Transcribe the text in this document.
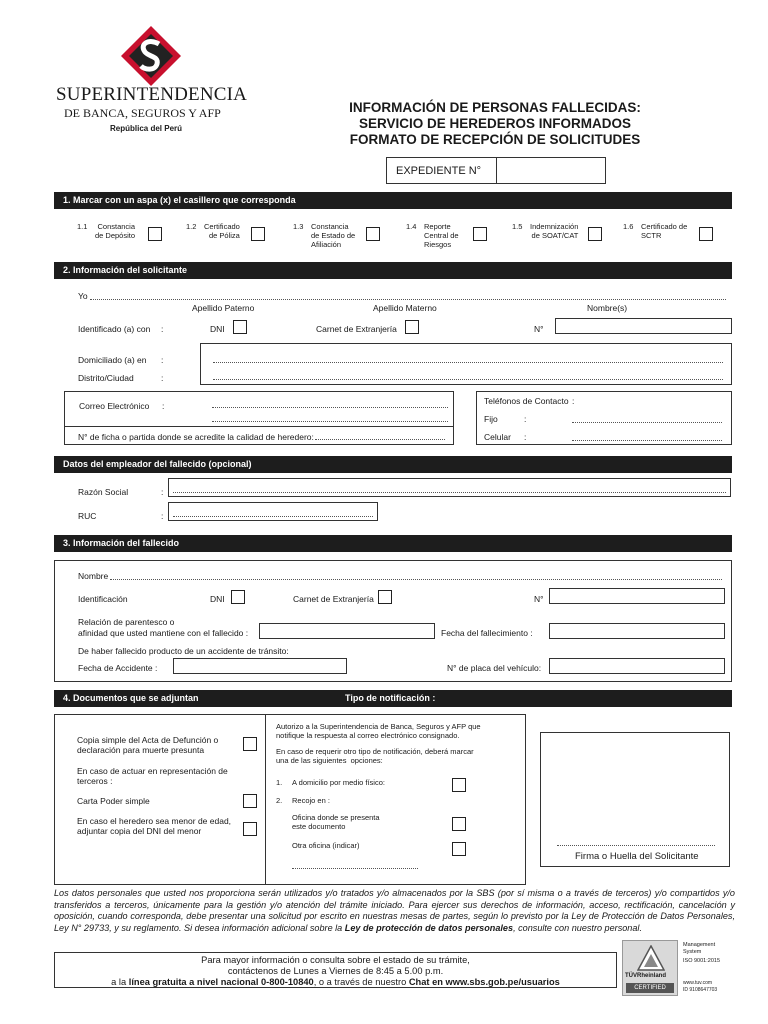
SUPERINTENDENCIA
DE BANCA, SEGUROS Y AFP
República del Perú
INFORMACIÓN DE PERSONAS FALLECIDAS:
SERVICIO DE HEREDEROS INFORMADOS
FORMATO DE RECEPCIÓN DE SOLICITUDES
EXPEDIENTE N°
1. Marcar con un aspa (x) el casillero que corresponda
1.1	Constancia
de Depósito
1.2 Certificado
de Póliza
1.3 Constancia
de Estado de
Afiliación
1.4 Reporte
Central de
Riesgos
1.5 Indemnización
de SOAT/CAT
1.6 Certificado de
SCTR
2. Información del solicitante
Yo
Apellido Paterno	Apellido Materno	Nombre(s)
Identificado (a) con :	DNI	Carnet de Extranjería	N°
Domiciliado (a) en :
Distrito/Ciudad	:
Correo Electrónico :
N° de ficha o partida donde se acredite la calidad de heredero:
Teléfonos de Contacto :
Fijo	:
Celular :
Datos del empleador del fallecido (opcional)
Razón Social	:
RUC	:
3. Información del fallecido
Nombre
Identificación	DNI	Carnet de Extranjería	N°
Relación de parentesco o
afinidad que usted mantiene con el fallecido :	Fecha del fallecimiento :
De haber fallecido producto de un accidente de tránsito:
Fecha de Accidente :	N° de placa del vehículo:
4. Documentos que se adjuntan	Tipo de notificación :
Copia simple del Acta de Defunción o
declaración para muerte presunta
En caso de actuar en representación de
terceros :
Carta Poder simple
En caso el heredero sea menor de edad,
adjuntar copia del DNI del menor
Autorizo a la Superintendencia de Banca, Seguros y AFP que
notifique la respuesta al correo electrónico consignado.
En caso de requerir otro tipo de notificación, deberá marcar
una de las siguientes  opciones:
1. A domicilio por medio físico:
2. Recojo en :
Oficina donde se presenta
este documento
Otra oficina (indicar)
Firma o Huella del Solicitante
Los datos personales que usted nos proporciona serán utilizados y/o tratados y/o almacenados por la SBS (por sí misma o a través de terceros) y/o compartidos y/o transferidos a terceros, únicamente para la gestión y/o atención del trámite iniciado. Para ejercer sus derechos de información, acceso, rectificación, cancelación y oposición, cuando corresponda, debe presentar una solicitud por escrito en nuestras mesas de partes, según lo previsto por la Ley de Protección de Datos Personales, Ley N° 29733, y su reglamento. Si desea información adicional sobre la Ley de protección de datos personales, consulte con nuestro personal.
Para mayor información o consulta sobre el estado de su trámite,
contáctenos de Lunes a Viernes de 8:45 a 5.00 p.m.
a la línea gratuita a nivel nacional 0-800-10840, o a través de nuestro Chat en www.sbs.gob.pe/usuarios
TÜVRheinland
CERTIFIED
Management
System
ISO 9001:2015
www.tuv.com
ID 9108647703
